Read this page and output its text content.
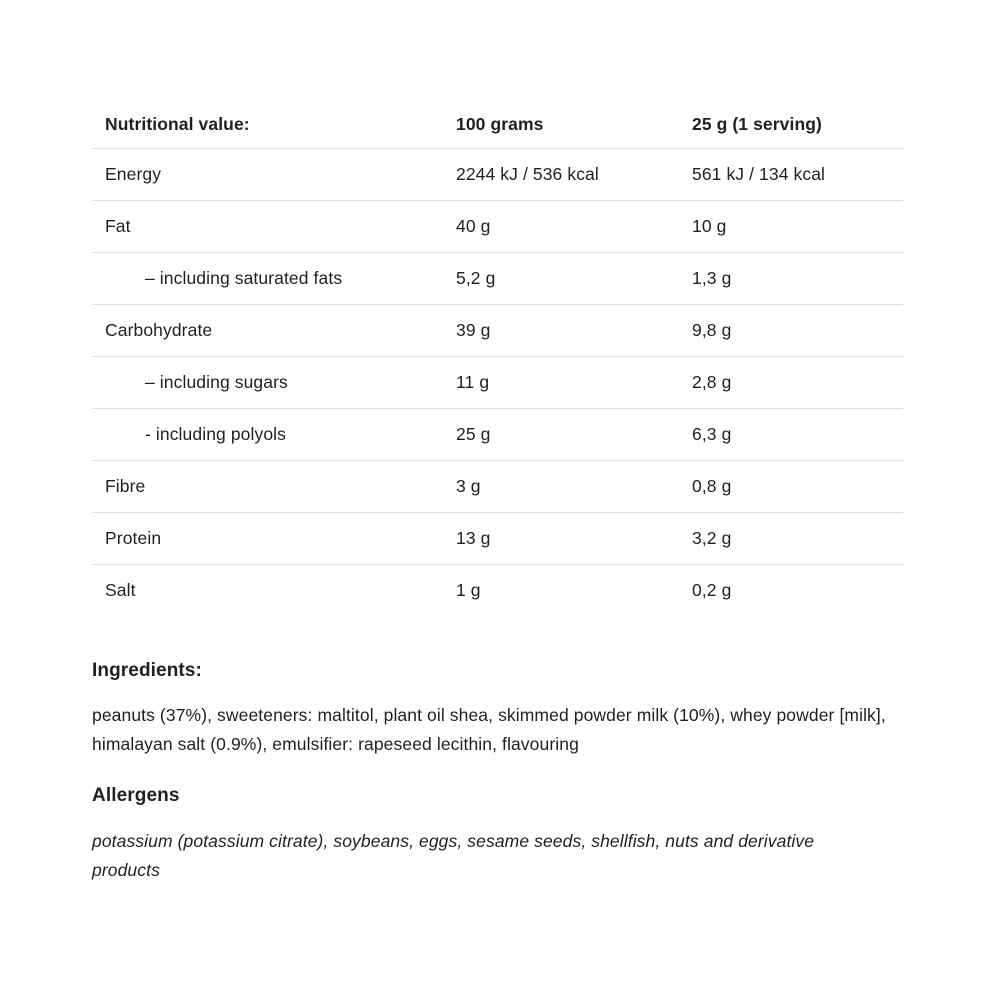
Nutritional value:	100 grams	25 g (1 serving)
Energy	2244 kJ / 536 kcal	561 kJ / 134 kcal
Fat	40 g	10 g
– including saturated fats	5,2 g	1,3 g
Carbohydrate	39 g	9,8 g
– including sugars	11 g	2,8 g
- including polyols	25 g	6,3 g
Fibre	3 g	0,8 g
Protein	13 g	3,2 g
Salt	1 g	0,2 g
Ingredients:

peanuts (37%), sweeteners: maltitol, plant oil shea, skimmed powder milk (10%), whey powder [milk], himalayan salt (0.9%), emulsifier: rapeseed lecithin, flavouring

Allergens

potassium (potassium citrate), soybeans, eggs, sesame seeds, shellfish, nuts and derivative products
